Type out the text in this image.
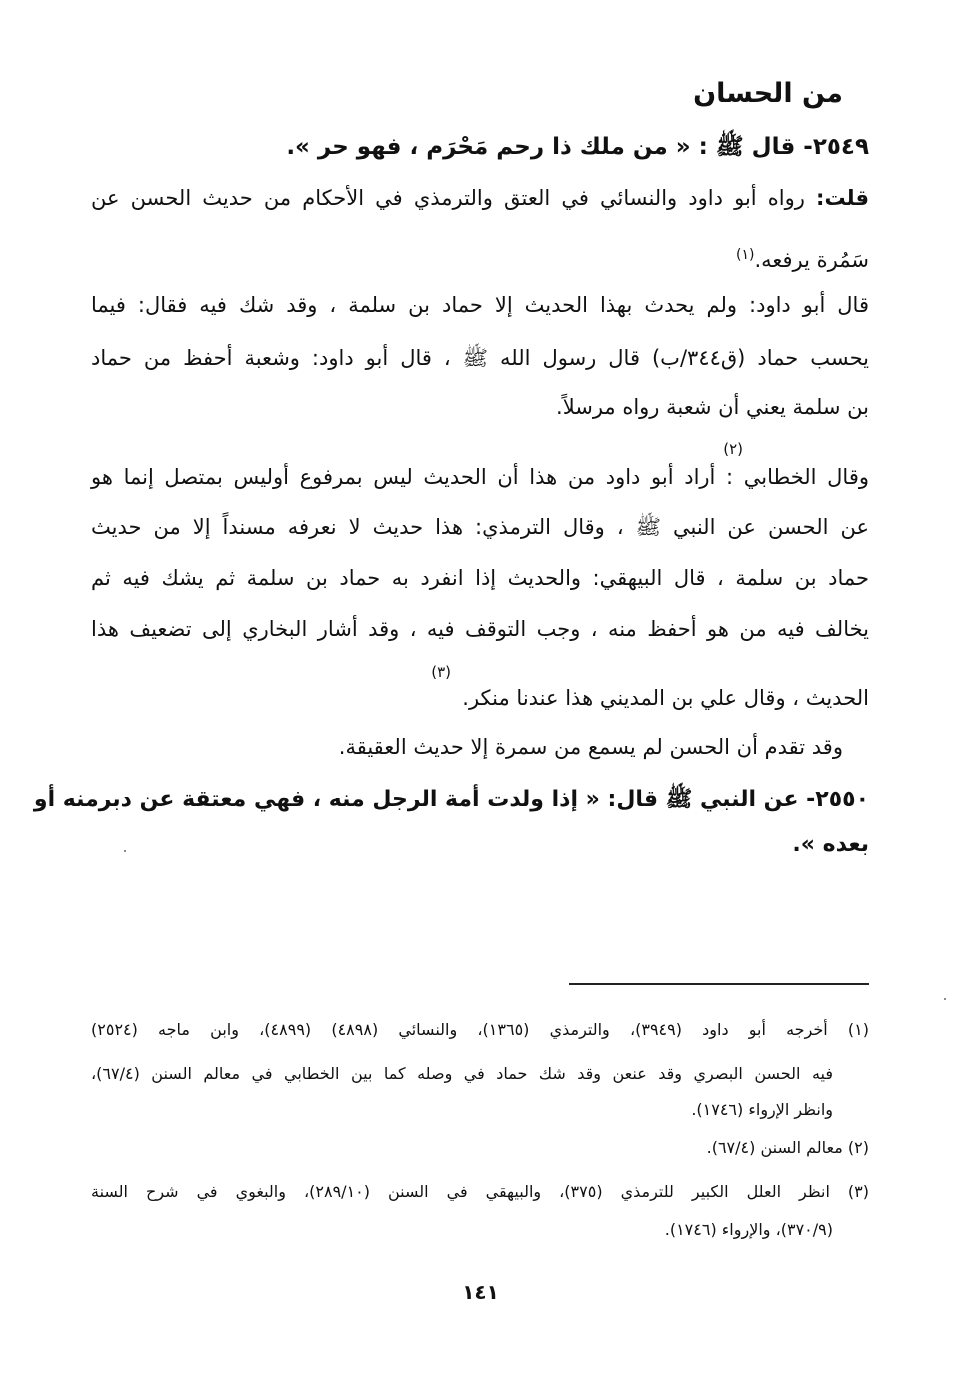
من الحسان
٢٥٤٩- قال ﷺ : « من ملك ذا رحم مَحْرَم ، فهو حر ».
قلت: رواه أبو داود والنسائي في العتق والترمذي في الأحكام من حديث الحسن عن
سَمُرة يرفعه.$^{(١)}$
قال أبو داود: ولم يحدث بهذا الحديث إلا حماد بن سلمة ، وقد شك فيه فقال: فيما
يحسب حماد (ق٣٤٤/ب) قال رسول الله ﷺ ، قال أبو داود: وشعبة أحفظ من حماد
بن سلمة يعني أن شعبة رواه مرسلاً.
(٢)
وقال الخطابي : أراد أبو داود من هذا أن الحديث ليس بمرفوع أوليس بمتصل إنما هو
عن الحسن عن النبي ﷺ ، وقال الترمذي: هذا حديث لا نعرفه مسنداً إلا من حديث
حماد بن سلمة ، قال البيهقي: والحديث إذا انفرد به حماد بن سلمة ثم يشك فيه ثم
يخالف فيه من هو أحفظ منه ، وجب التوقف فيه ، وقد أشار البخاري إلى تضعيف هذا
(٣)
الحديث ، وقال علي بن المديني هذا عندنا منكر.
وقد تقدم أن الحسن لم يسمع من سمرة إلا حديث العقيقة.
٢٥٥٠- عن النبي ﷺ قال: « إذا ولدت أمة الرجل منه ، فهي معتقة عن دبرمنه أو
بعده ».
(١) أخرجه أبو داود (٣٩٤٩)، والترمذي (١٣٦٥)، والنسائي (٤٨٩٨) (٤٨٩٩)، وابن ماجه (٢٥٢٤)
فيه الحسن البصري وقد عنعن وقد شك حماد في وصله كما بين الخطابي في معالم السنن (٦٧/٤)،
وانظر الإرواء (١٧٤٦).
(٢) معالم السنن (٦٧/٤).
(٣) انظر العلل الكبير للترمذي (٣٧٥)، والبيهقي في السنن (٢٨٩/١٠)، والبغوي في شرح السنة
(٣٧٠/٩)، والإرواء (١٧٤٦).
١٤١
